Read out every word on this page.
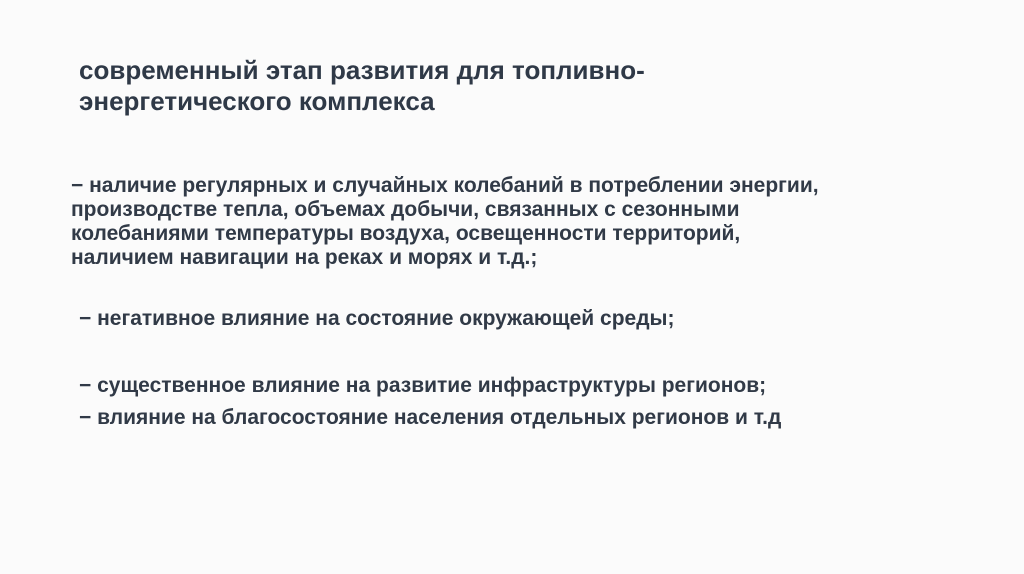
современный этап развития для топливно-
энергетического комплекса
− наличие регулярных и случайных колебаний в потреблении энергии,
производстве тепла, объемах добычи, связанных с сезонными
колебаниями температуры воздуха, освещенности территорий,
наличием навигации на реках и морях и т.д.;
− негативное влияние на состояние окружающей среды;
− существенное влияние на развитие инфраструктуры регионов;
− влияние на благосостояние населения отдельных регионов и т.д
